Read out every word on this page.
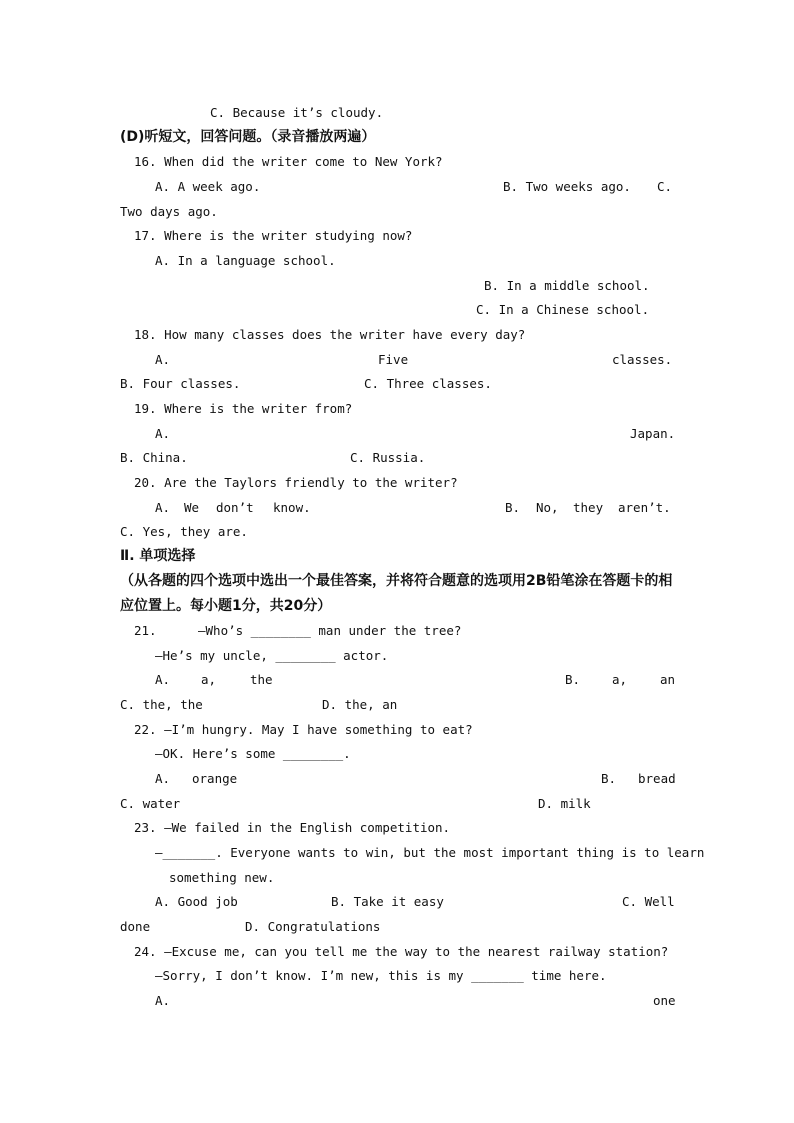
C. Because it’s cloudy.
(D)听短文，回答问题。（录音播放两遍）
16. When did the writer come to New York?
A. A week ago.	B. Two weeks ago. C.
Two days ago.
17. Where is the writer studying now?
A. In a language school.
B. In a middle school.
C. In a Chinese school.
18. How many classes does the writer have every day?
A.	Five	classes.
B. Four classes.	C. Three classes.
19. Where is the writer from?
A.	Japan.
B. China.	C. Russia.
20. Are the Taylors friendly to the writer?
A. We don’t know.	B. No, they aren’t.
C. Yes, they are.
Ⅱ. 单项选择
（从各题的四个选项中选出一个最佳答案，并将符合题意的选项用2B铅笔涂在答题卡的相
应位置上。每小题1分，共20分）
21.	—Who’s ________ man under the tree?
—He’s my uncle, ________ actor.
A. a,	the	B.	a,	an
C. the, the	D. the, an
22. —I’m hungry. May I have something to eat?
—OK. Here’s some ________.
A. orange	B. bread
C. water	D. milk
23. —We failed in the English competition.
—_______. Everyone wants to win, but the most important thing is to learn
something new.
A. Good job	B. Take it easy	C. Well
done	D. Congratulations
24. —Excuse me, can you tell me the way to the nearest railway station?
—Sorry, I don’t know. I’m new, this is my _______ time here.
A.	one
